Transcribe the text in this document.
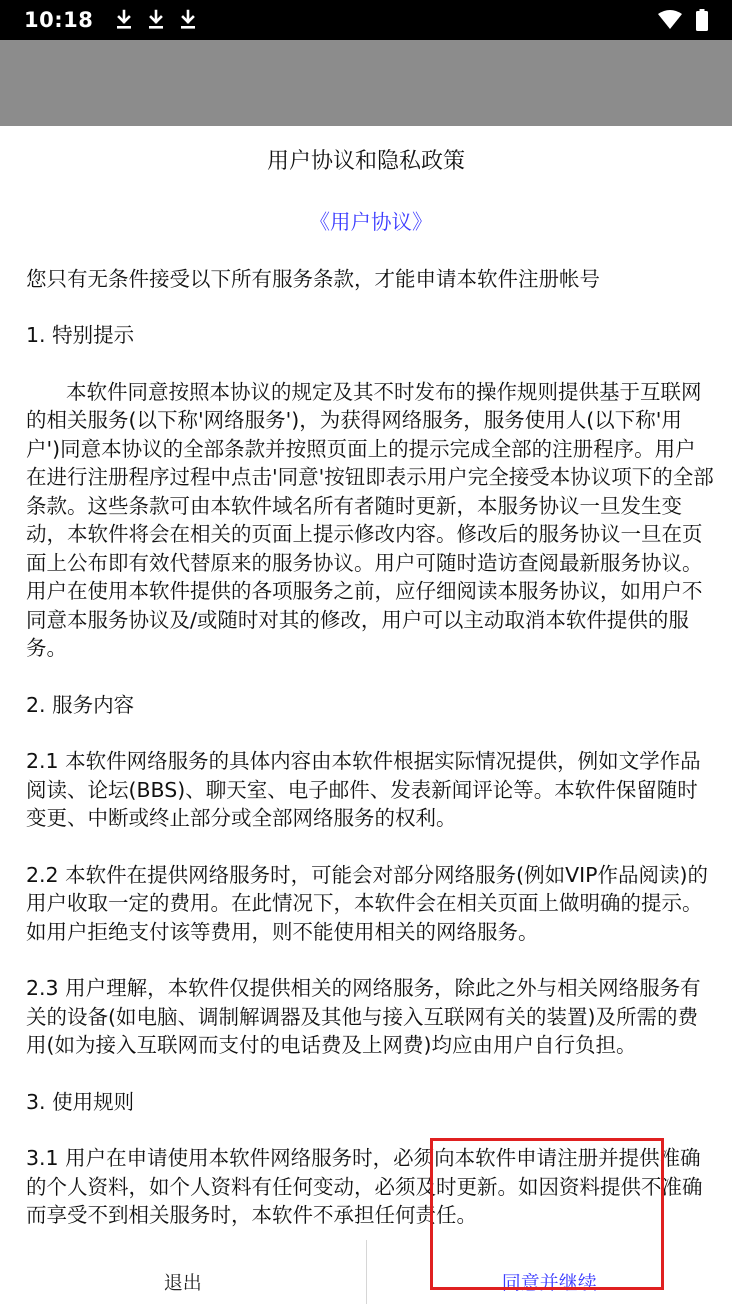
10:18
用户协议和隐私政策

《用户协议》

您只有无条件接受以下所有服务条款，才能申请本软件注册帐号

1. 特别提示

本软件同意按照本协议的规定及其不时发布的操作规则提供基于互联网的相关服务(以下称'网络服务')，为获得网络服务，服务使用人(以下称'用户')同意本协议的全部条款并按照页面上的提示完成全部的注册程序。用户在进行注册程序过程中点击'同意'按钮即表示用户完全接受本协议项下的全部条款。这些条款可由本软件域名所有者随时更新，本服务协议一旦发生变动，本软件将会在相关的页面上提示修改内容。修改后的服务协议一旦在页面上公布即有效代替原来的服务协议。用户可随时造访查阅最新服务协议。用户在使用本软件提供的各项服务之前，应仔细阅读本服务协议，如用户不同意本服务协议及/或随时对其的修改，用户可以主动取消本软件提供的服务。

2. 服务内容

2.1 本软件网络服务的具体内容由本软件根据实际情况提供，例如文学作品阅读、论坛(BBS)、聊天室、电子邮件、发表新闻评论等。本软件保留随时变更、中断或终止部分或全部网络服务的权利。

2.2 本软件在提供网络服务时，可能会对部分网络服务(例如VIP作品阅读)的用户收取一定的费用。在此情况下，本软件会在相关页面上做明确的提示。如用户拒绝支付该等费用，则不能使用相关的网络服务。

2.3 用户理解，本软件仅提供相关的网络服务，除此之外与相关网络服务有关的设备(如电脑、调制解调器及其他与接入互联网有关的装置)及所需的费用(如为接入互联网而支付的电话费及上网费)均应由用户自行负担。

3. 使用规则

3.1 用户在申请使用本软件网络服务时，必须向本软件申请注册并提供准确的个人资料，如个人资料有任何变动，必须及时更新。如因资料提供不准确而享受不到相关服务时，本软件不承担任何责任。

退出	同意并继续
